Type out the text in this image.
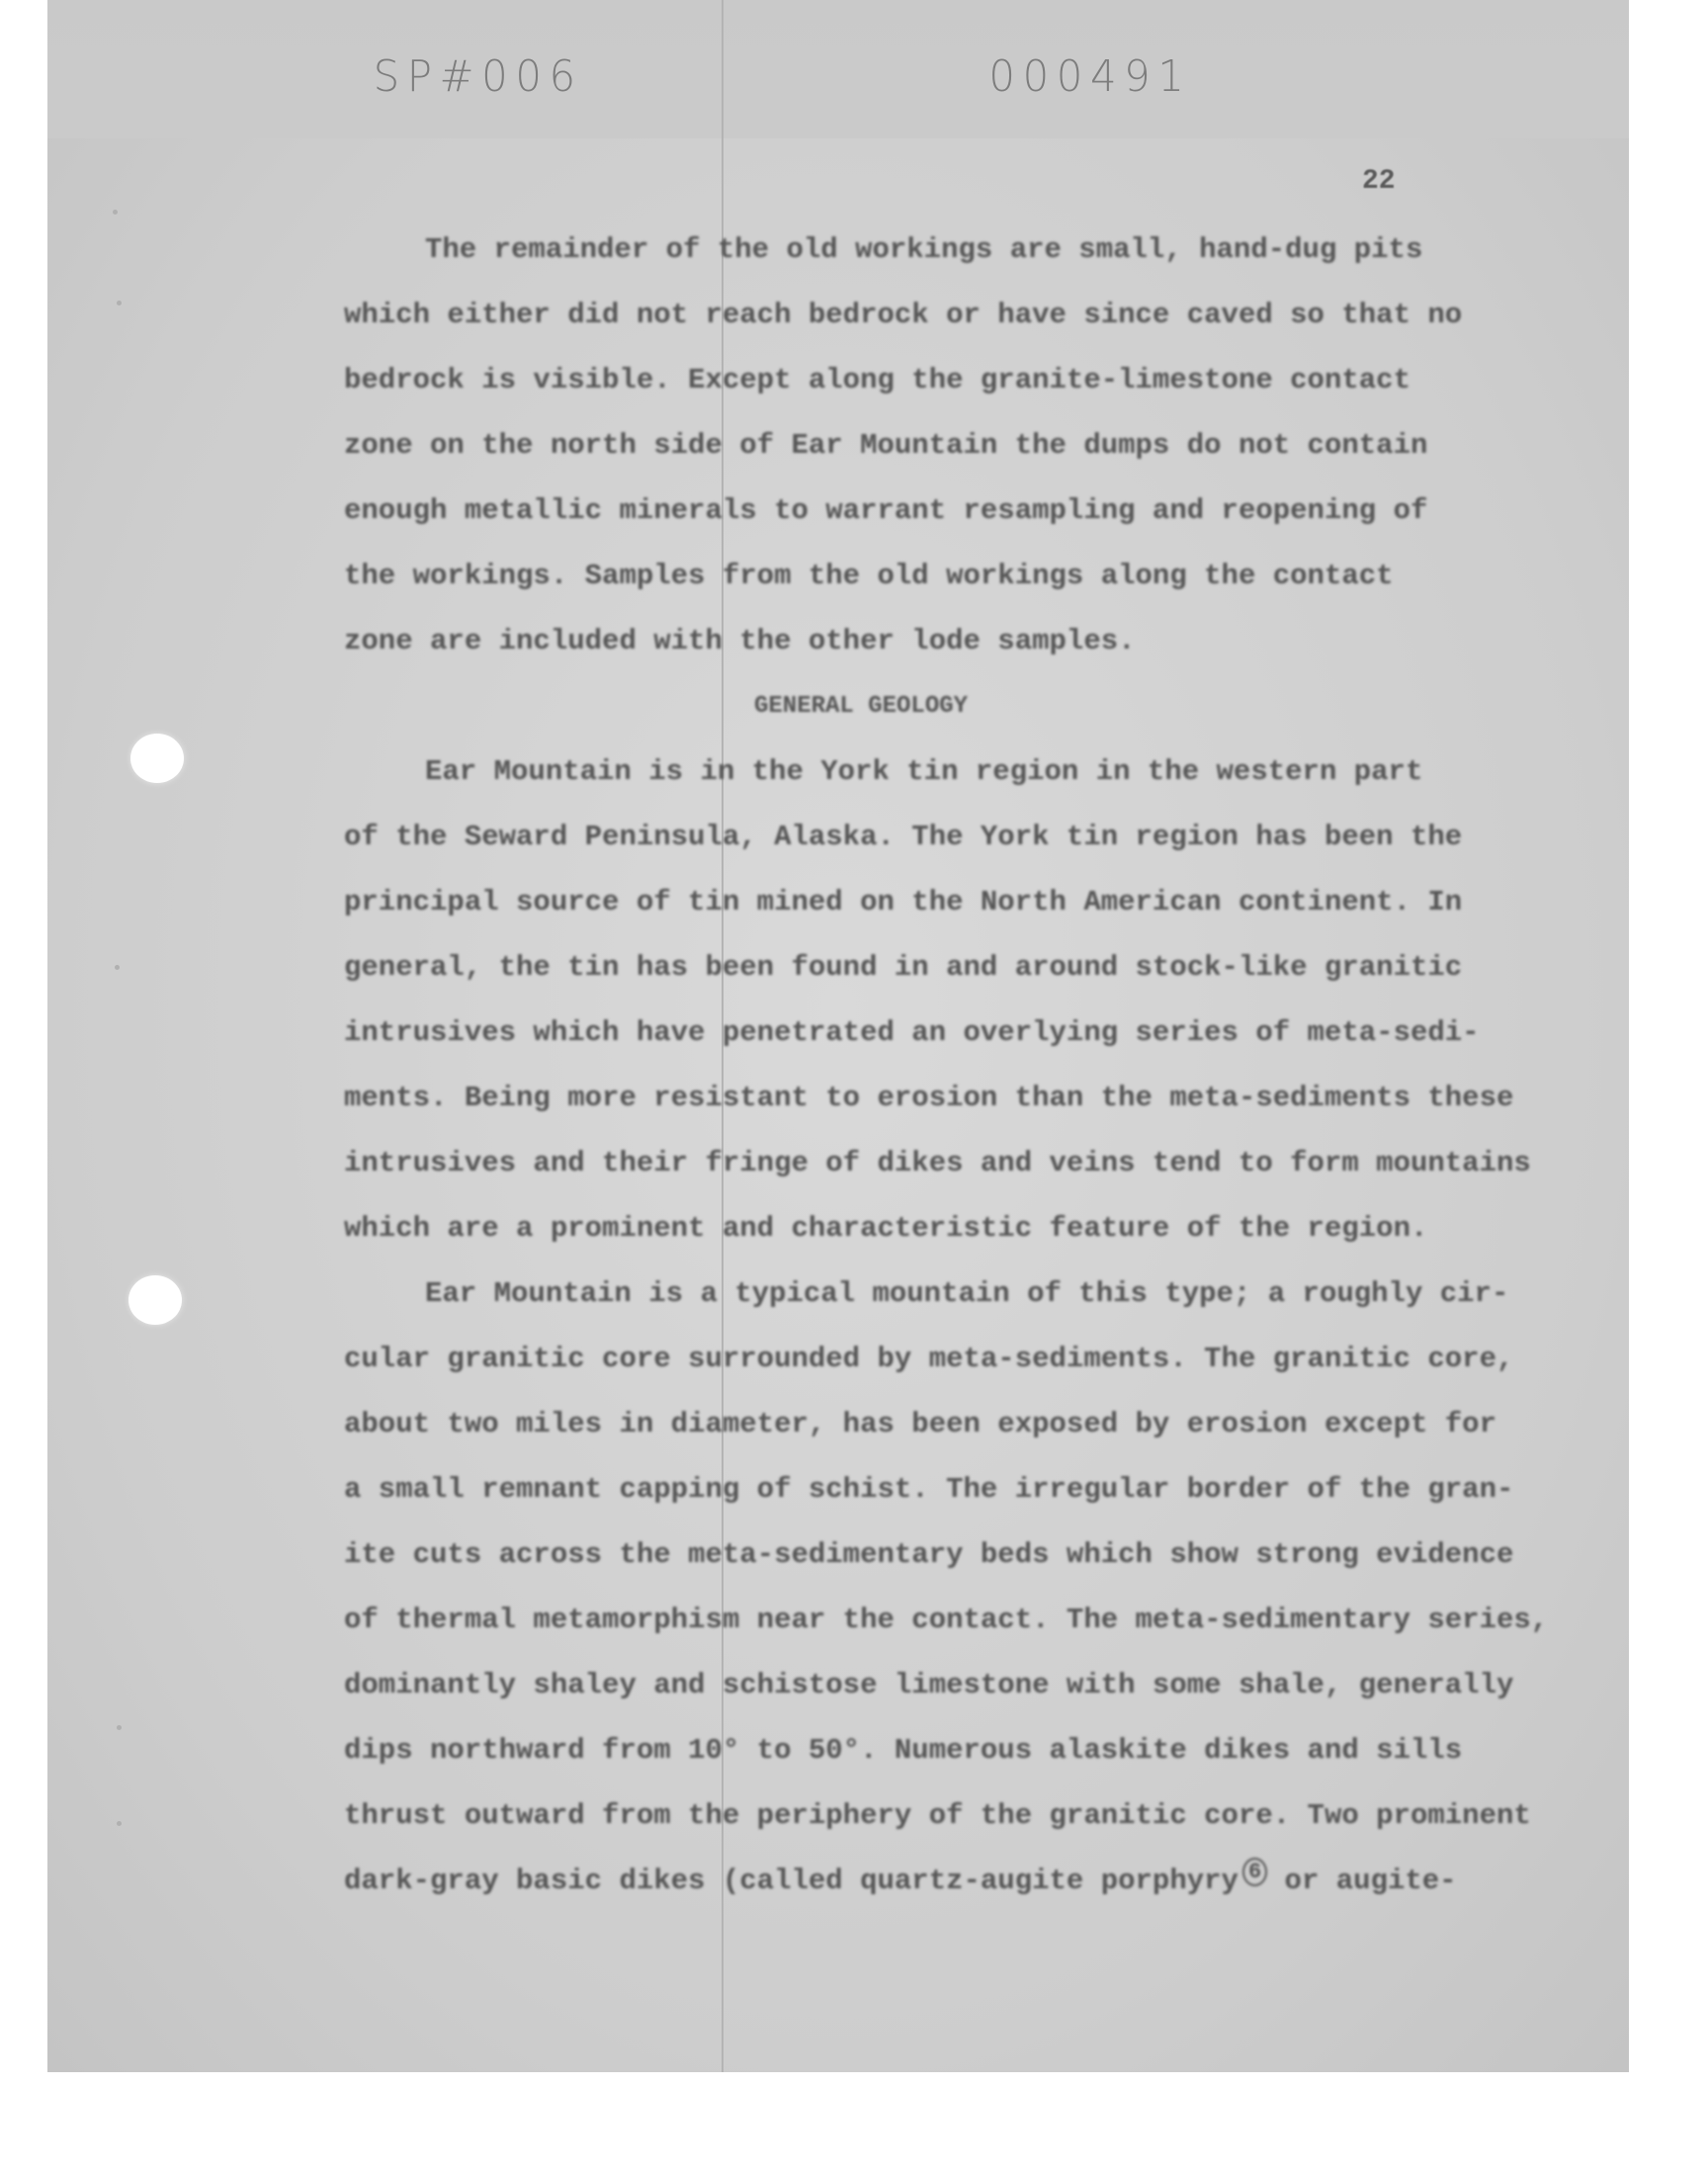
SP#006	000491

22

The remainder of the old workings are small, hand-dug pits

which either did not reach bedrock or have since caved so that no

bedrock is visible. Except along the granite-limestone contact

zone on the north side of Ear Mountain the dumps do not contain

enough metallic minerals to warrant resampling and reopening of

the workings. Samples from the old workings along the contact

zone are included with the other lode samples.

GENERAL GEOLOGY

Ear Mountain is in the York tin region in the western part

of the Seward Peninsula, Alaska. The York tin region has been the

principal source of tin mined on the North American continent. In

general, the tin has been found in and around stock-like granitic

intrusives which have penetrated an overlying series of meta-sedi-

ments. Being more resistant to erosion than the meta-sediments these

intrusives and their fringe of dikes and veins tend to form mountains

which are a prominent and characteristic feature of the region.

Ear Mountain is a typical mountain of this type; a roughly cir-

cular granitic core surrounded by meta-sediments. The granitic core,

about two miles in diameter, has been exposed by erosion except for

a small remnant capping of schist. The irregular border of the gran-

ite cuts across the meta-sedimentary beds which show strong evidence

of thermal metamorphism near the contact. The meta-sedimentary series,

dominantly shaley and schistose limestone with some shale, generally

dips northward from 10° to 50°. Numerous alaskite dikes and sills

thrust outward from the periphery of the granitic core. Two prominent

dark-gray basic dikes (called quartz-augite porphyry $^6$ or augite-
